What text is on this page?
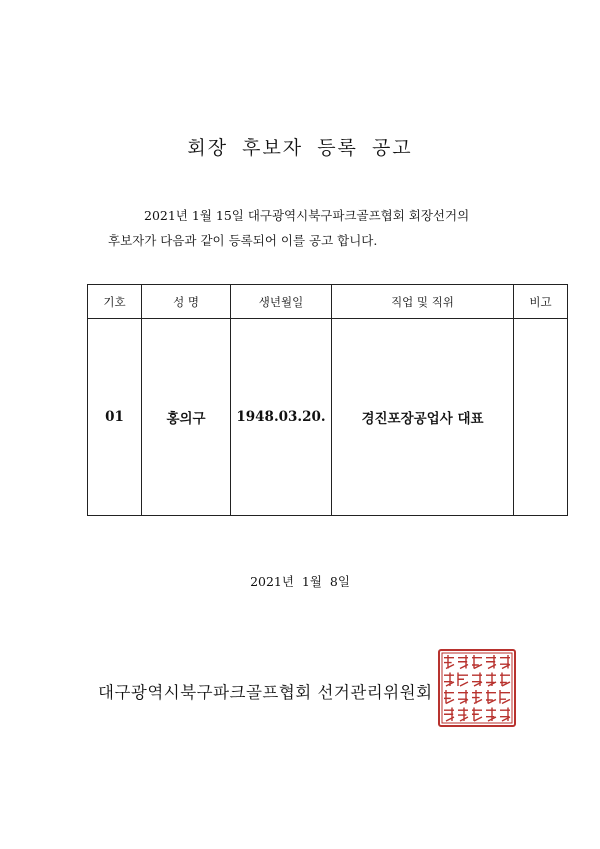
회장 후보자 등록 공고
2021년 1월 15일 대구광역시북구파크골프협회 회장선거의
후보자가 다음과 같이 등록되어 이를 공고 합니다.
기호	성 명	생년월일	직업 및 직위	비고
01	홍의구	1948.03.20.	경진포장공업사 대표	
2021년  1월  8일
대구광역시북구파크골프협회 선거관리위원회
